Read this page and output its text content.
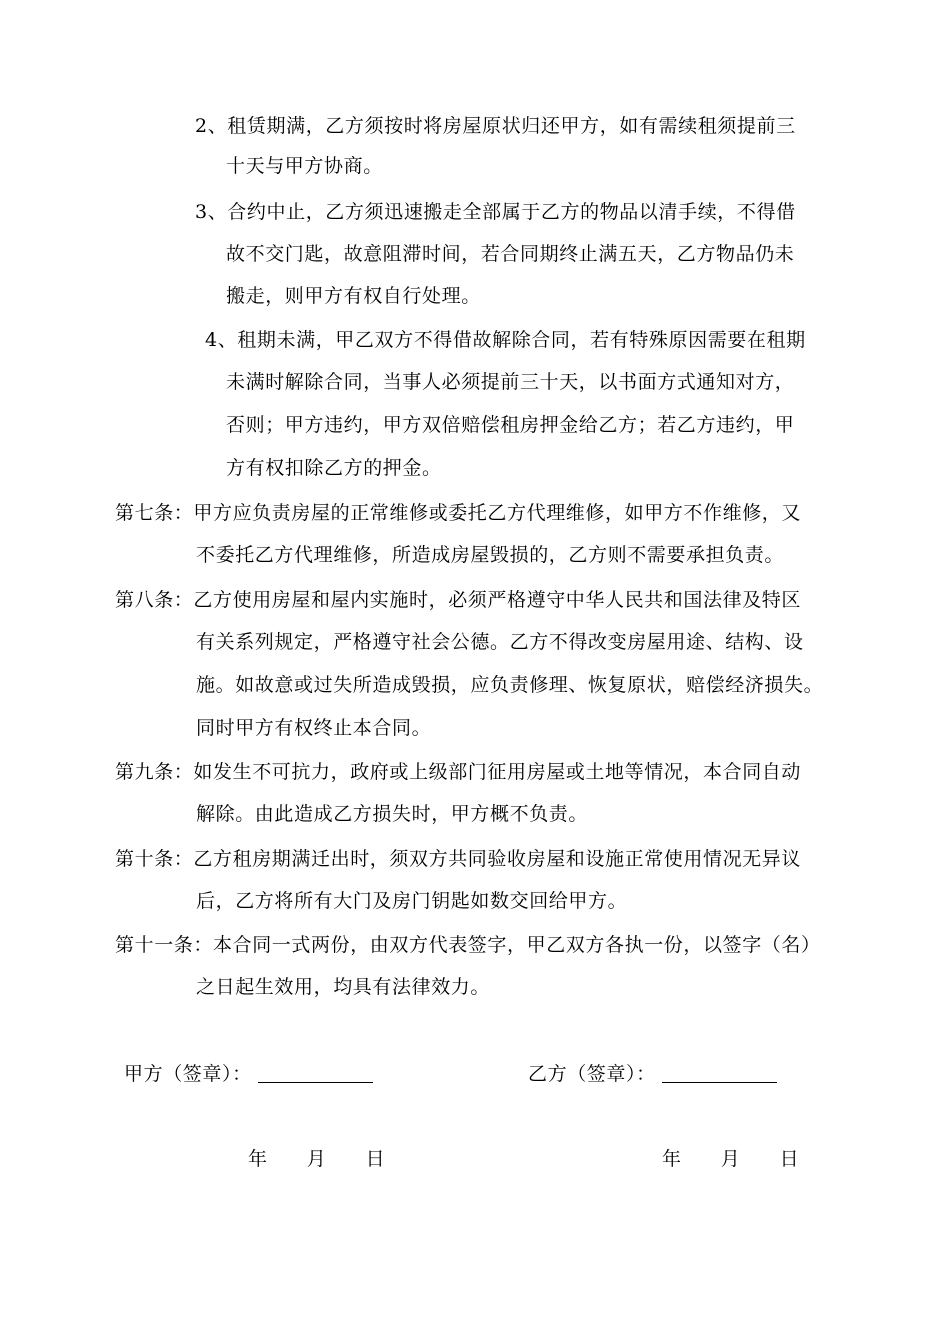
2、租赁期满，乙方须按时将房屋原状归还甲方，如有需续租须提前三
十天与甲方协商。
3、合约中止，乙方须迅速搬走全部属于乙方的物品以清手续，不得借
故不交门匙，故意阻滞时间，若合同期终止满五天，乙方物品仍未
搬走，则甲方有权自行处理。
4、租期未满，甲乙双方不得借故解除合同，若有特殊原因需要在租期
未满时解除合同，当事人必须提前三十天，以书面方式通知对方，
否则；甲方违约，甲方双倍赔偿租房押金给乙方；若乙方违约，甲
方有权扣除乙方的押金。
第七条：甲方应负责房屋的正常维修或委托乙方代理维修，如甲方不作维修，又
不委托乙方代理维修，所造成房屋毁损的，乙方则不需要承担负责。
第八条：乙方使用房屋和屋内实施时，必须严格遵守中华人民共和国法律及特区
有关系列规定，严格遵守社会公德。乙方不得改变房屋用途、结构、设
施。如故意或过失所造成毁损，应负责修理、恢复原状，赔偿经济损失。
同时甲方有权终止本合同。
第九条：如发生不可抗力，政府或上级部门征用房屋或土地等情况，本合同自动
解除。由此造成乙方损失时，甲方概不负责。
第十条：乙方租房期满迁出时，须双方共同验收房屋和设施正常使用情况无异议
后，乙方将所有大门及房门钥匙如数交回给甲方。
第十一条：本合同一式两份，由双方代表签字，甲乙双方各执一份，以签字（名）
之日起生效用，均具有法律效力。
甲方（签章）：	乙方（签章）：
年　　月　　日	年　　月　　日
